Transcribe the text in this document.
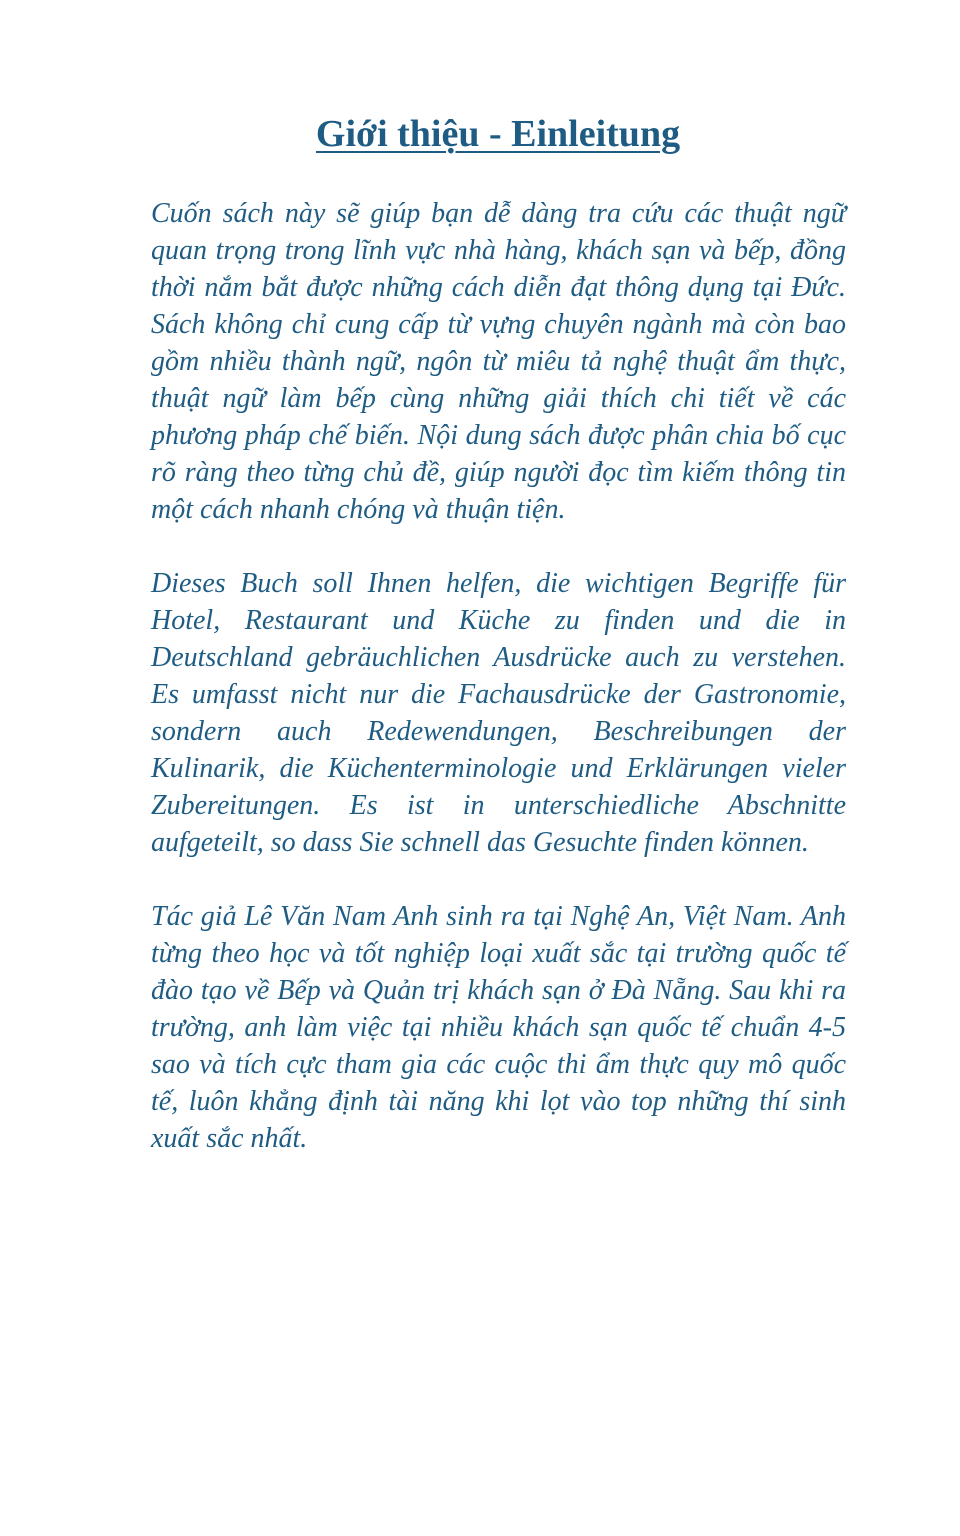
Giới thiệu - Einleitung

Cuốn sách này sẽ giúp bạn dễ dàng tra cứu các thuật ngữ quan trọng trong lĩnh vực nhà hàng, khách sạn và bếp, đồng thời nắm bắt được những cách diễn đạt thông dụng tại Đức. Sách không chỉ cung cấp từ vựng chuyên ngành mà còn bao gồm nhiều thành ngữ, ngôn từ miêu tả nghệ thuật ẩm thực, thuật ngữ làm bếp cùng những giải thích chi tiết về các phương pháp chế biến. Nội dung sách được phân chia bố cục rõ ràng theo từng chủ đề, giúp người đọc tìm kiếm thông tin một cách nhanh chóng và thuận tiện.

Dieses Buch soll Ihnen helfen, die wichtigen Begriffe für Hotel, Restaurant und Küche zu finden und die in Deutschland gebräuchlichen Ausdrücke auch zu verstehen. Es umfasst nicht nur die Fachausdrücke der Gastronomie, sondern auch Redewendungen, Beschreibungen der Kulinarik, die Küchenterminologie und Erklärungen vieler Zubereitungen. Es ist in unterschiedliche Abschnitte aufgeteilt, so dass Sie schnell das Gesuchte finden können.

Tác giả Lê Văn Nam Anh sinh ra tại Nghệ An, Việt Nam. Anh từng theo học và tốt nghiệp loại xuất sắc tại trường quốc tế đào tạo về Bếp và Quản trị khách sạn ở Đà Nẵng. Sau khi ra trường, anh làm việc tại nhiều khách sạn quốc tế chuẩn 4-5 sao và tích cực tham gia các cuộc thi ẩm thực quy mô quốc tế, luôn khẳng định tài năng khi lọt vào top những thí sinh xuất sắc nhất.
